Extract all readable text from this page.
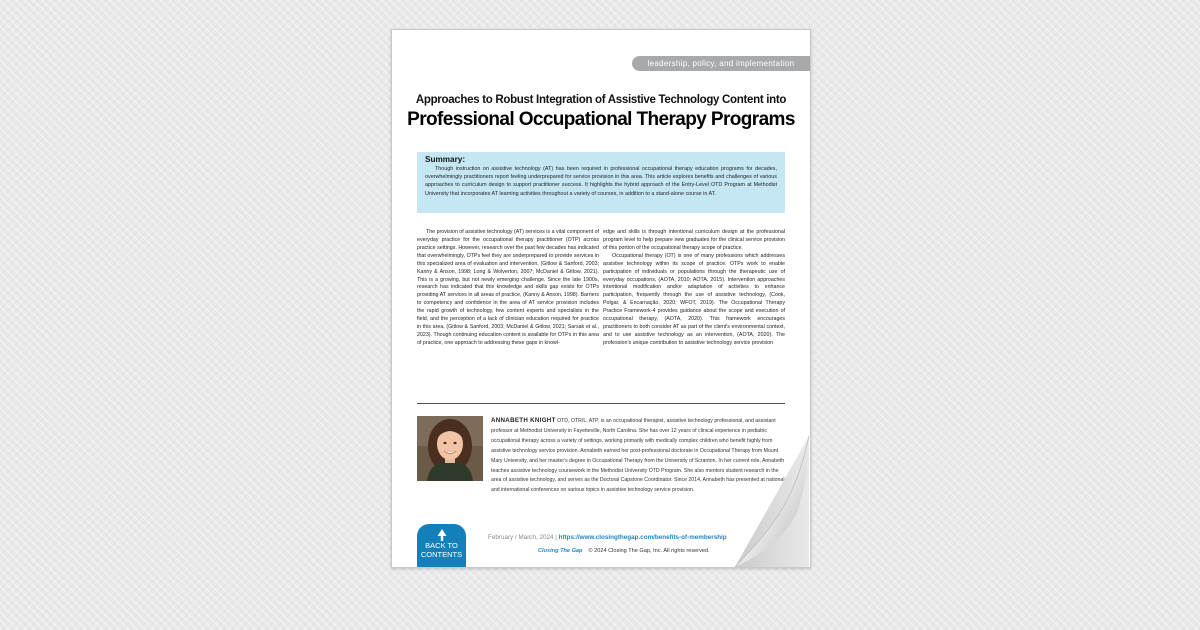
leadership, policy, and implementation
Approaches to Robust Integration of Assistive Technology Content into
Professional Occupational Therapy Programs
Summary:
Though instruction on assistive technology (AT) has been required in professional occupational therapy education programs for decades, overwhelmingly practitioners report feeling underprepared for service provision in this area. This article explores benefits and challenges of various approaches to curriculum design to support practitioner success. It highlights the hybrid approach of the Entry-Level OTD Program at Methodist University that incorporates AT learning activities throughout a variety of courses, in addition to a stand-alone course in AT.

The provision of assistive technology (AT) services is a vital component of everyday practice for the occupational therapy practitioner (OTP) across practice settings. However, research over the past few decades has indicated that overwhelmingly, OTPs feel they are underprepared to provide services in this specialized area of evaluation and intervention, (Gitlow & Sanford, 2003; Kanny & Anson, 1998; Long & Wolverton, 2007; McDaniel & Gitlow, 2021). This is a growing, but not newly emerging challenge. Since the late 1900s, research has indicated that this knowledge and skills gap exists for OTPs providing AT services in all areas of practice, (Kanny & Anson, 1998). Barriers to competency and confidence in the area of AT service provision includes the rapid growth of technology, few content experts and specialists in the field, and the perception of a lack of clinician education required for practice in this area, (Gitlow & Sanford, 2003; McDaniel & Gitlow, 2021; Sarsak et al., 2023). Though continuing education content is available for OTPs in this area of practice, one approach to addressing these gaps in knowl-

edge and skills is through intentional curriculum design at the professional program level to help prepare new graduates for the clinical service provision of this portion of the occupational therapy scope of practice.

Occupational therapy (OT) is one of many professions which addresses assistive technology within its scope of practice. OTPs work to enable participation of individuals or populations through the therapeutic use of everyday occupations, (AOTA, 2010; AOTA, 2015). Intervention approaches intentional modification and/or adaptation of activities to enhance participation, frequently through the use of assistive technology, (Cook, Polgar, & Encarnação, 2020; WFOT, 2019). The Occupational Therapy Practice Framework-4 provides guidance about the scope and execution of occupational therapy, (AOTA, 2020). This framework encourages practitioners to both consider AT as part of the client's environmental context, and to use assistive technology as an intervention, (AOTA, 2020). The profession's unique contribution to assistive technology service provision

ANNABETH KNIGHT OTD, OTR/L, ATP, is an occupational therapist, assistive technology professional, and assistant professor at Methodist University in Fayetteville, North Carolina. She has over 12 years of clinical experience in pediatric occupational therapy across a variety of settings, working primarily with medically complex children who benefit highly from assistive technology service provision. Annabeth earned her post-professional doctorate in Occupational Therapy from Mount Mary University, and her master's degree in Occupational Therapy from the University of Scranton. In her current role, Annabeth teaches assistive technology coursework in the Methodist University OTD Program. She also mentors student research in the area of assistive technology, and serves as the Doctoral Capstone Coordinator. Since 2014, Annabeth has presented at national and international conferences on various topics in assistive technology service provision.
BACK TO
CONTENTS
February / March, 2024 | https://www.closingthegap.com/benefits-of-membership
Closing The Gap © 2024 Closing The Gap, Inc. All rights reserved.
